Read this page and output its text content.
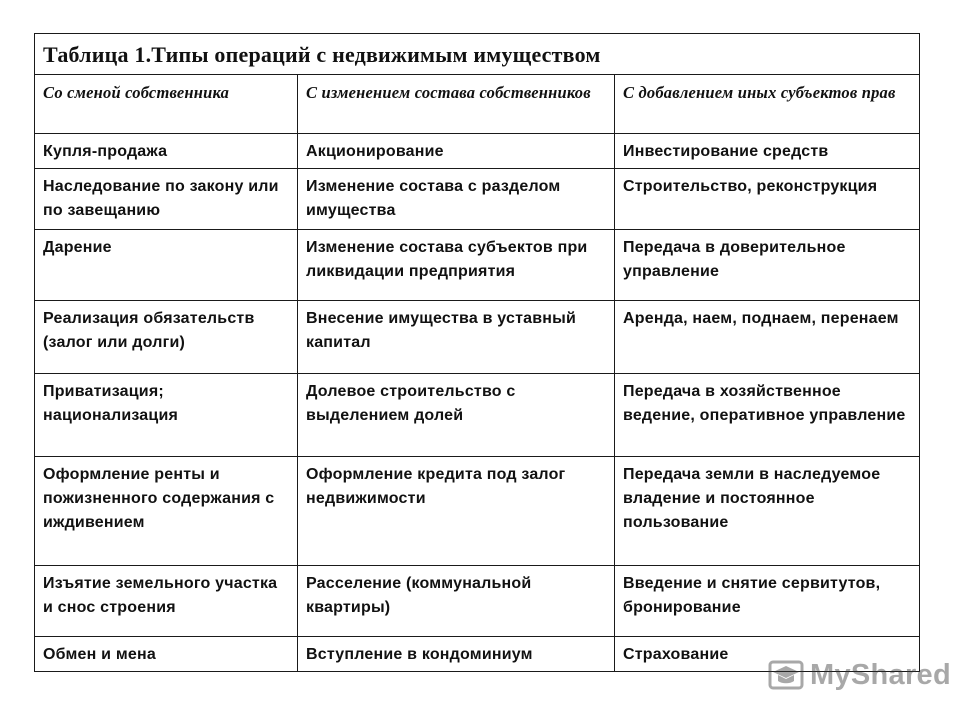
Таблица 1.Типы операций с недвижимым имуществом		
Со сменой собственника	С изменением состава собственников	С добавлением иных субъектов прав
Купля-продажа	Акционирование	Инвестирование средств
Наследование по закону или по завещанию	Изменение состава с разделом имущества	Строительство, реконструкция
Дарение	Изменение состава субъектов при ликвидации предприятия	Передача в доверительное управление
Реализация обязательств (залог или долги)	Внесение имущества в уставный капитал	Аренда, наем, поднаем, перенаем
Приватизация; национализация	Долевое строительство с выделением долей	Передача в хозяйственное ведение, оперативное управление
Оформление ренты и пожизненного содержания с иждивением	Оформление кредита под залог недвижимости	Передача земли в наследуемое владение и постоянное пользование
Изъятие земельного участка и снос строения	Расселение (коммунальной квартиры)	Введение и снятие сервитутов, бронирование
Обмен и мена	Вступление в кондоминиум	Страхование
MyShared
